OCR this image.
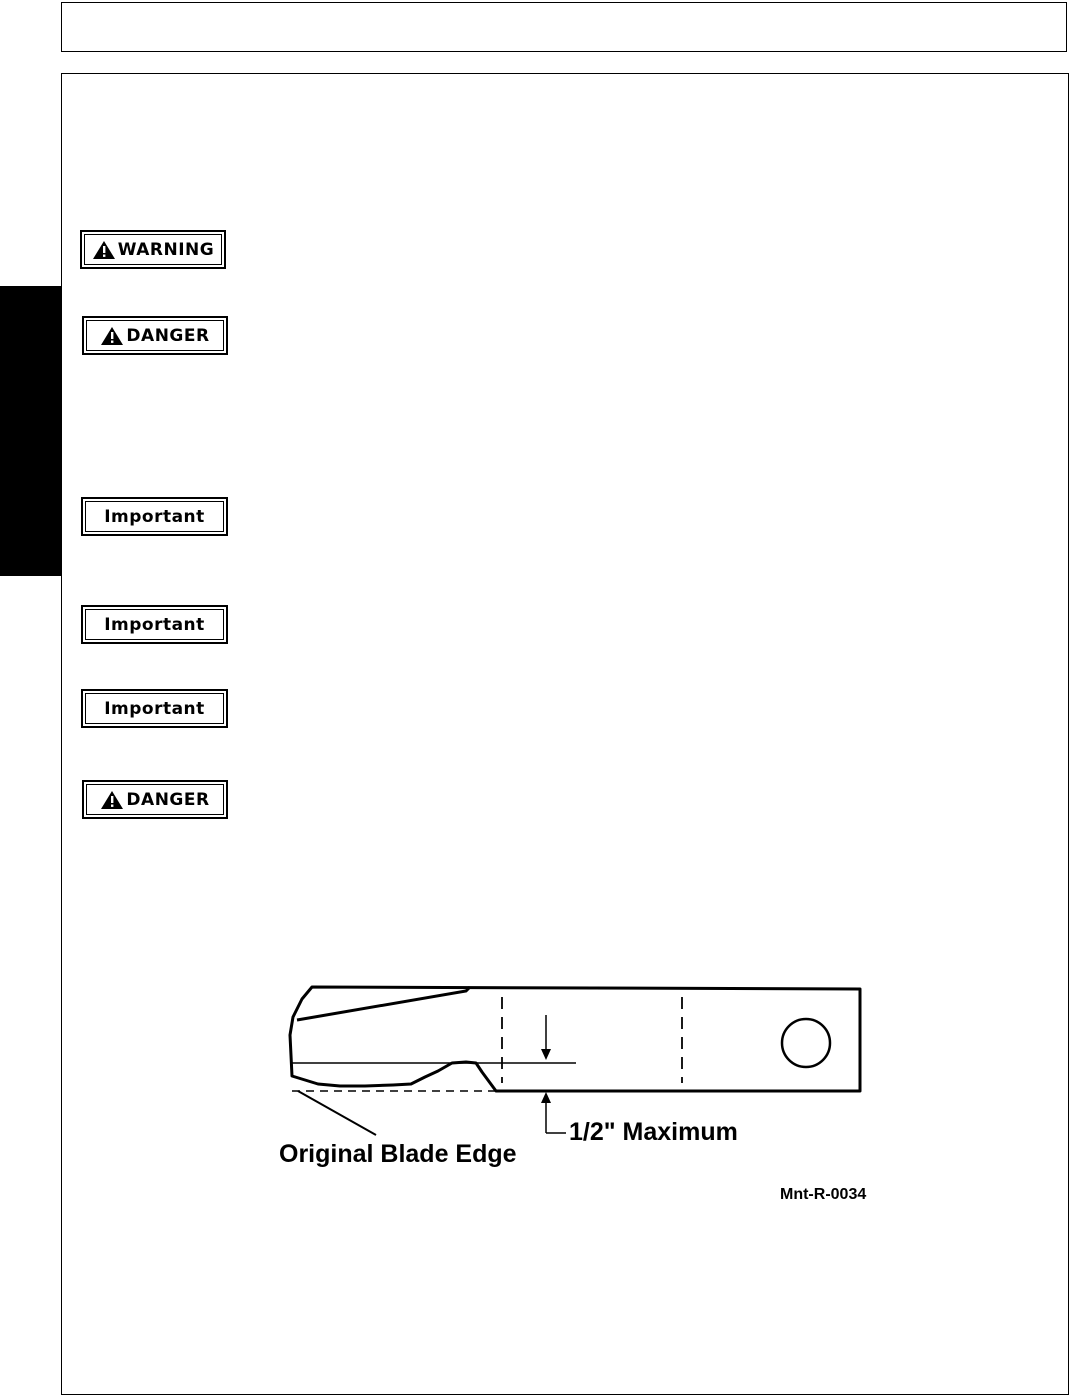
WARNING
DANGER
Important
Important
Important
DANGER
Original Blade Edge
1/2" Maximum
Mnt-R-0034
